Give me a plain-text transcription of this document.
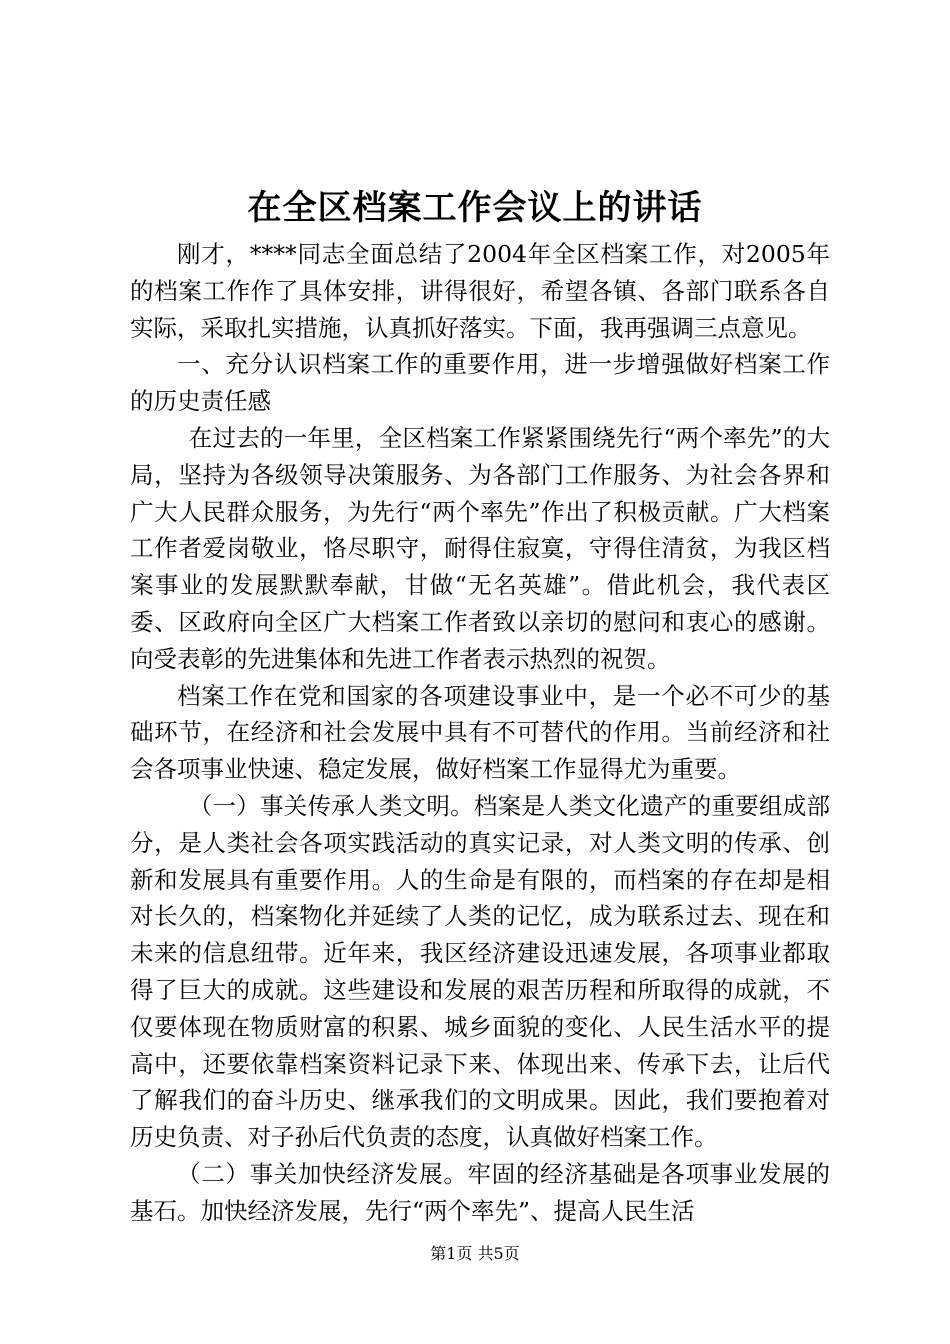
在全区档案工作会议上的讲话

刚才，****同志全面总结了2004年全区档案工作，对2005年的档案工作作了具体安排，讲得很好，希望各镇、各部门联系各自实际，采取扎实措施，认真抓好落实。下面，我再强调三点意见。

一、充分认识档案工作的重要作用，进一步增强做好档案工作的历史责任感

在过去的一年里，全区档案工作紧紧围绕先行“两个率先”的大局，坚持为各级领导决策服务、为各部门工作服务、为社会各界和广大人民群众服务，为先行“两个率先”作出了积极贡献。广大档案工作者爱岗敬业，恪尽职守，耐得住寂寞，守得住清贫，为我区档案事业的发展默默奉献，甘做“无名英雄”。借此机会，我代表区委、区政府向全区广大档案工作者致以亲切的慰问和衷心的感谢。向受表彰的先进集体和先进工作者表示热烈的祝贺。

档案工作在党和国家的各项建设事业中，是一个必不可少的基础环节，在经济和社会发展中具有不可替代的作用。当前经济和社会各项事业快速、稳定发展，做好档案工作显得尤为重要。

（一）事关传承人类文明。档案是人类文化遗产的重要组成部分，是人类社会各项实践活动的真实记录，对人类文明的传承、创新和发展具有重要作用。人的生命是有限的，而档案的存在却是相对长久的，档案物化并延续了人类的记忆，成为联系过去、现在和未来的信息纽带。近年来，我区经济建设迅速发展，各项事业都取得了巨大的成就。这些建设和发展的艰苦历程和所取得的成就，不仅要体现在物质财富的积累、城乡面貌的变化、人民生活水平的提高中，还要依靠档案资料记录下来、体现出来、传承下去，让后代了解我们的奋斗历史、继承我们的文明成果。因此，我们要抱着对历史负责、对子孙后代负责的态度，认真做好档案工作。

（二）事关加快经济发展。牢固的经济基础是各项事业发展的基石。加快经济发展，先行“两个率先”、提高人民生活

第1页 共5页
